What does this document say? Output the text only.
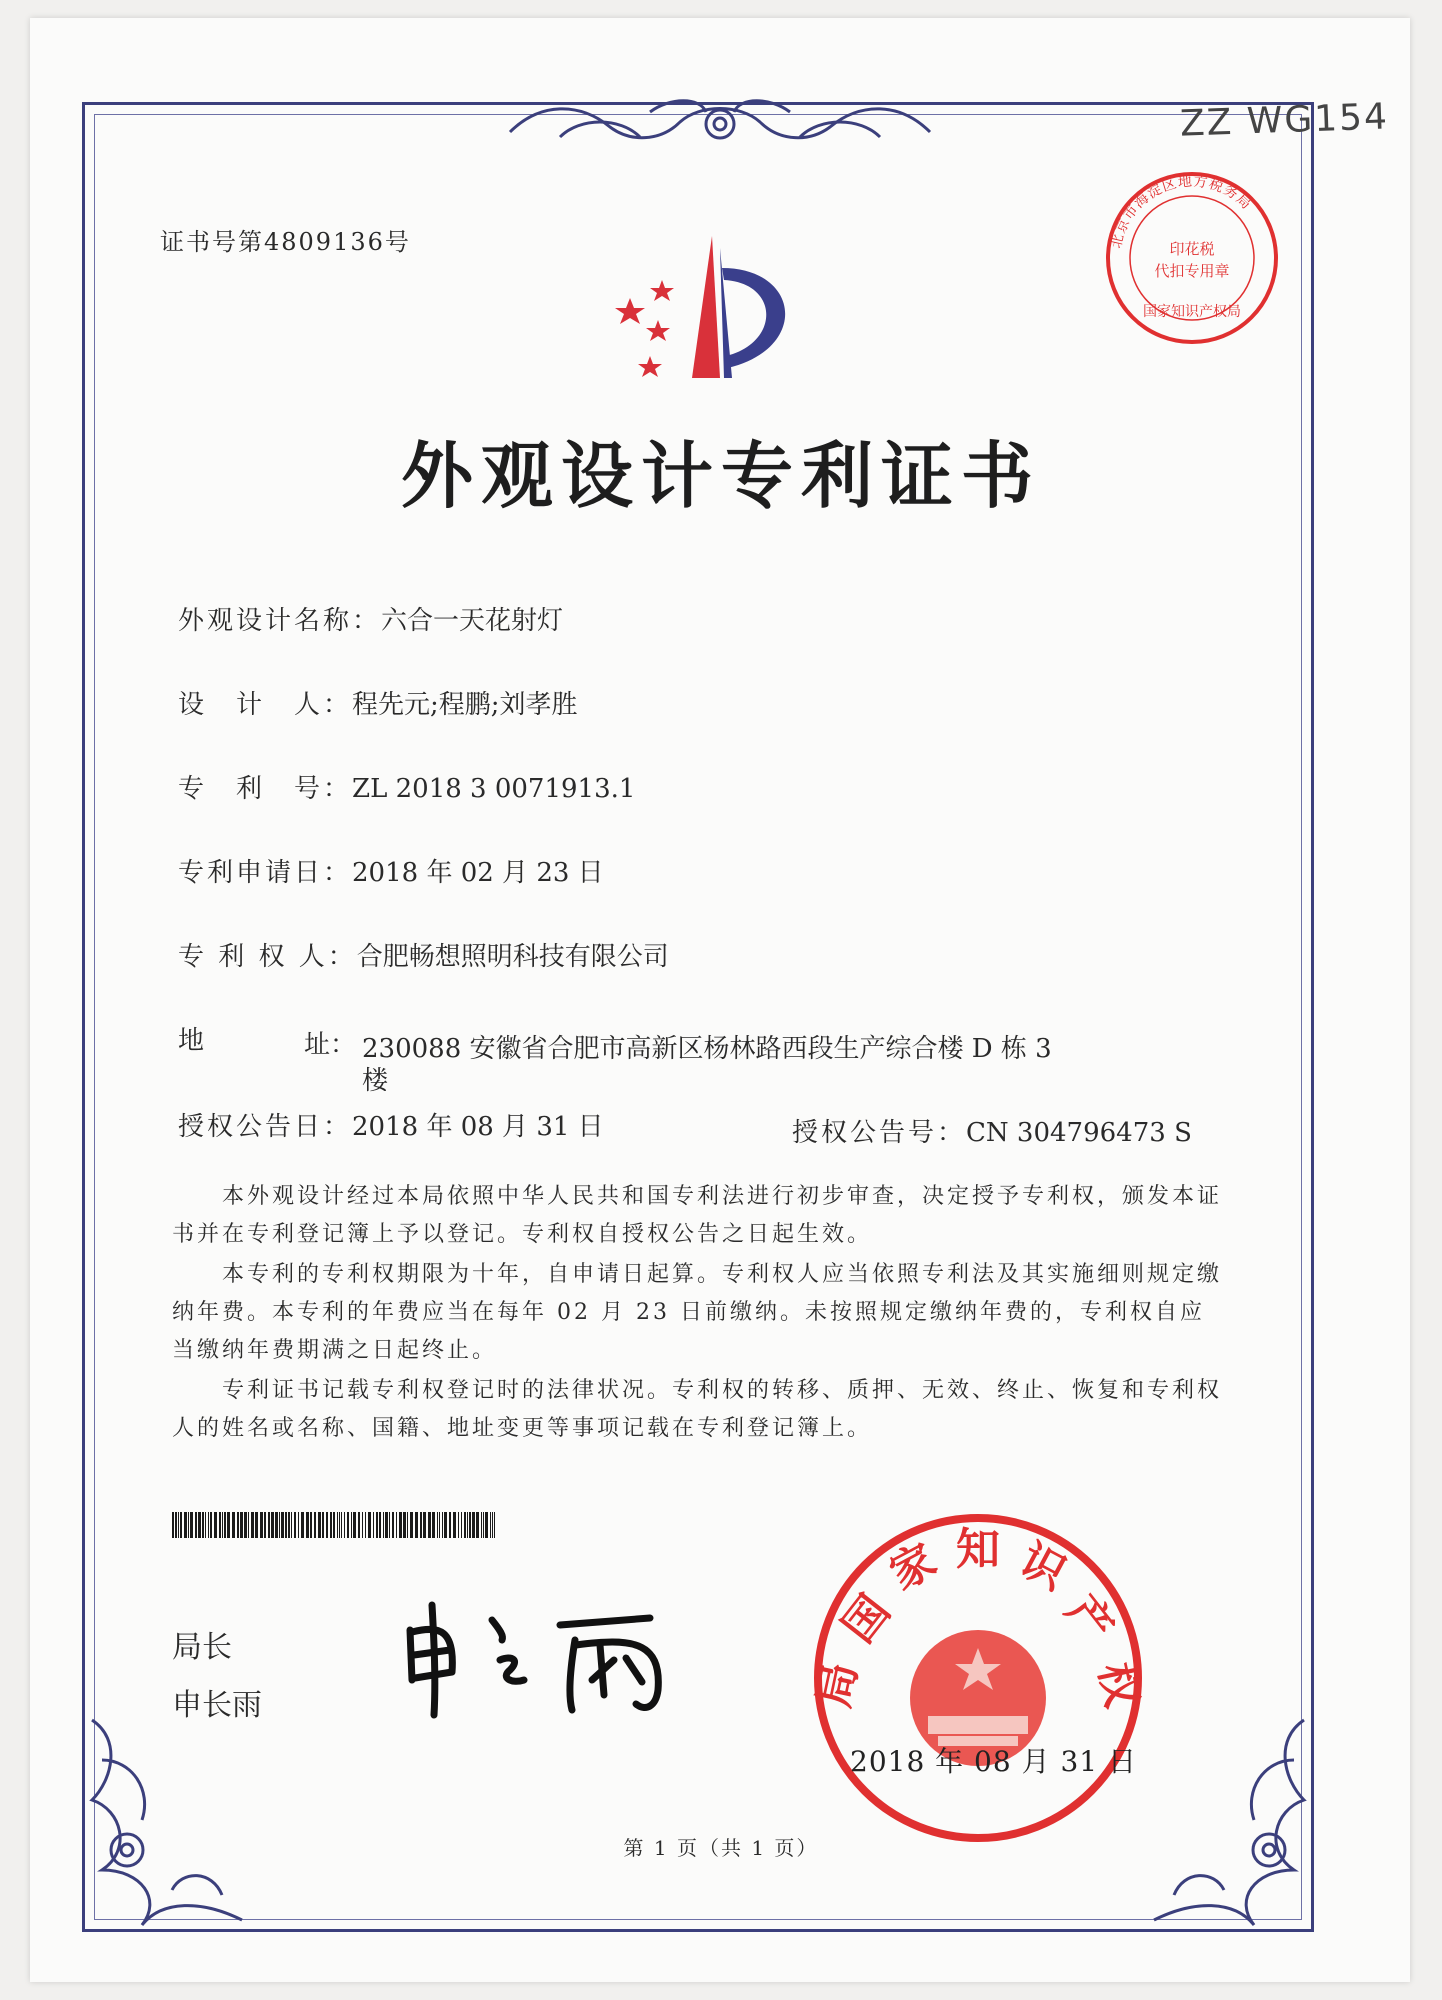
ZZ WG154
证书号第4809136号
外观设计专利证书
外观设计名称：六合一天花射灯
设　计　人：程先元;程鹏;刘孝胜
专　利　号：ZL 2018 3 0071913.1
专利申请日：2018 年 02 月 23 日
专 利 权 人：合肥畅想照明科技有限公司
地	址： 230088 安徽省合肥市高新区杨林路西段生产综合楼 D 栋 3
楼
授权公告日：2018 年 08 月 31 日	授权公告号：CN 304796473 S
本外观设计经过本局依照中华人民共和国专利法进行初步审查，决定授予专利权，颁发本证书并在专利登记簿上予以登记。专利权自授权公告之日起生效。
本专利的专利权期限为十年，自申请日起算。专利权人应当依照专利法及其实施细则规定缴纳年费。本专利的年费应当在每年 02 月 23 日前缴纳。未按照规定缴纳年费的，专利权自应当缴纳年费期满之日起终止。
专利证书记载专利权登记时的法律状况。专利权的转移、质押、无效、终止、恢复和专利权人的姓名或名称、国籍、地址变更等事项记载在专利登记簿上。
局长
申长雨
国
家 知 识
产
权
局
北京市海淀区地方税务局
印花税
代扣专用章
国家知识产权局
2018 年 08 月 31 日
第 1 页（共 1 页）
